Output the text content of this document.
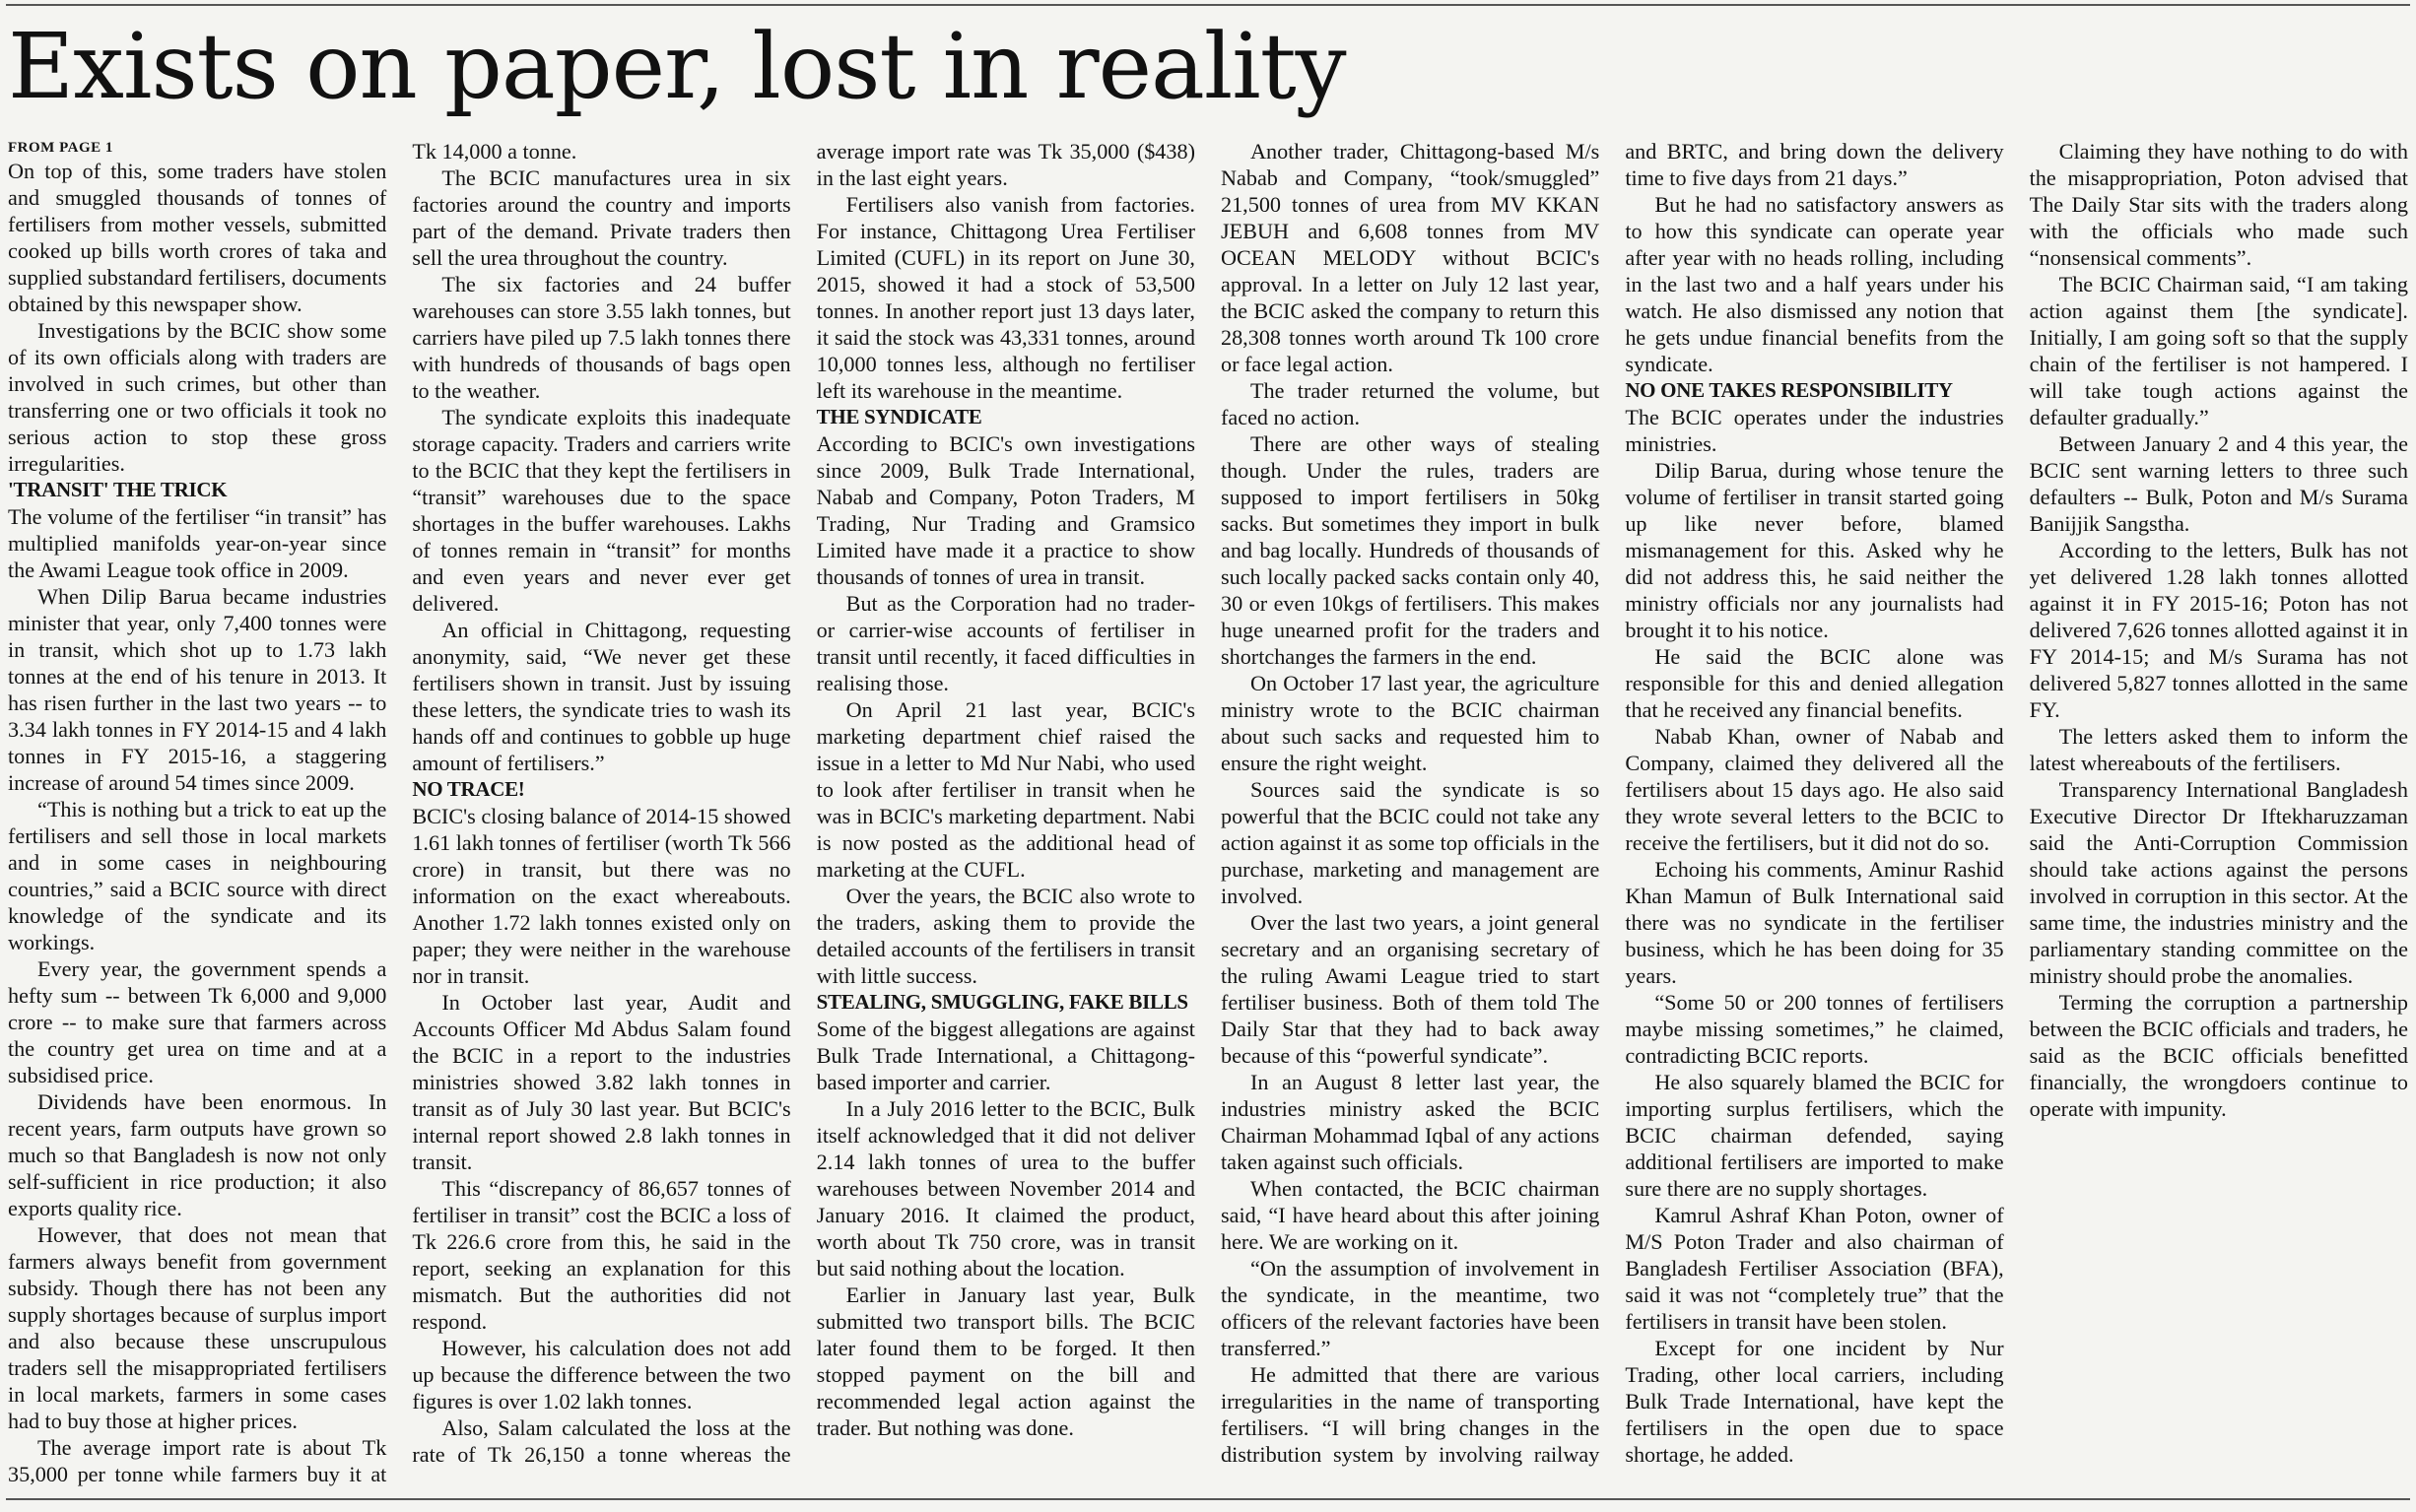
Exists on paper, lost in reality

FROM PAGE 1
On top of this, some traders have stolen and smuggled thousands of tonnes of fertilisers from mother vessels, submitted cooked up bills worth crores of taka and supplied substandard fertilisers, documents obtained by this newspaper show.

Investigations by the BCIC show some of its own officials along with traders are involved in such crimes, but other than transferring one or two officials it took no serious action to stop these gross irregularities.

'TRANSIT' THE TRICK

The volume of the fertiliser “in transit” has multiplied manifolds year-on-year since the Awami League took office in 2009.

When Dilip Barua became industries minister that year, only 7,400 tonnes were in transit, which shot up to 1.73 lakh tonnes at the end of his tenure in 2013. It has risen further in the last two years -- to 3.34 lakh tonnes in FY 2014-15 and 4 lakh tonnes in FY 2015-16, a staggering increase of around 54 times since 2009.

“This is nothing but a trick to eat up the fertilisers and sell those in local markets and in some cases in neighbouring countries,” said a BCIC source with direct knowledge of the syndicate and its workings.

Every year, the government spends a hefty sum -- between Tk 6,000 and 9,000 crore -- to make sure that farmers across the country get urea on time and at a subsidised price.

Dividends have been enormous. In recent years, farm outputs have grown so much so that Bangladesh is now not only self-sufficient in rice production; it also exports quality rice.

However, that does not mean that farmers always benefit from government subsidy. Though there has not been any supply shortages because of surplus import and also because these unscrupulous traders sell the misappropriated fertilisers in local markets, farmers in some cases had to buy those at higher prices.

The average import rate is about Tk 35,000 per tonne while farmers buy it at Tk 14,000 a tonne.

The BCIC manufactures urea in six factories around the country and imports part of the demand. Private traders then sell the urea throughout the country.

The six factories and 24 buffer warehouses can store 3.55 lakh tonnes, but carriers have piled up 7.5 lakh tonnes there with hundreds of thousands of bags open to the weather.

The syndicate exploits this inadequate storage capacity. Traders and carriers write to the BCIC that they kept the fertilisers in “transit” warehouses due to the space shortages in the buffer warehouses. Lakhs of tonnes remain in “transit” for months and even years and never ever get delivered.

An official in Chittagong, requesting anonymity, said, “We never get these fertilisers shown in transit. Just by issuing these letters, the syndicate tries to wash its hands off and continues to gobble up huge amount of fertilisers.”

NO TRACE!

BCIC's closing balance of 2014-15 showed 1.61 lakh tonnes of fertiliser (worth Tk 566 crore) in transit, but there was no information on the exact whereabouts. Another 1.72 lakh tonnes existed only on paper; they were neither in the warehouse nor in transit.

In October last year, Audit and Accounts Officer Md Abdus Salam found the BCIC in a report to the industries ministries showed 3.82 lakh tonnes in transit as of July 30 last year. But BCIC's internal report showed 2.8 lakh tonnes in transit.

This “discrepancy of 86,657 tonnes of fertiliser in transit” cost the BCIC a loss of Tk 226.6 crore from this, he said in the report, seeking an explanation for this mismatch. But the authorities did not respond.

However, his calculation does not add up because the difference between the two figures is over 1.02 lakh tonnes.

Also, Salam calculated the loss at the rate of Tk 26,150 a tonne whereas the average import rate was Tk 35,000 ($438) in the last eight years.

Fertilisers also vanish from factories. For instance, Chittagong Urea Fertiliser Limited (CUFL) in its report on June 30, 2015, showed it had a stock of 53,500 tonnes. In another report just 13 days later, it said the stock was 43,331 tonnes, around 10,000 tonnes less, although no fertiliser left its warehouse in the meantime.

THE SYNDICATE

According to BCIC's own investigations since 2009, Bulk Trade International, Nabab and Company, Poton Traders, M Trading, Nur Trading and Gramsico Limited have made it a practice to show thousands of tonnes of urea in transit.

But as the Corporation had no trader- or carrier-wise accounts of fertiliser in transit until recently, it faced difficulties in realising those.

On April 21 last year, BCIC's marketing department chief raised the issue in a letter to Md Nur Nabi, who used to look after fertiliser in transit when he was in BCIC's marketing department. Nabi is now posted as the additional head of marketing at the CUFL.

Over the years, the BCIC also wrote to the traders, asking them to provide the detailed accounts of the fertilisers in transit with little success.

STEALING, SMUGGLING, FAKE BILLS

Some of the biggest allegations are against Bulk Trade International, a Chittagong-based importer and carrier.

In a July 2016 letter to the BCIC, Bulk itself acknowledged that it did not deliver 2.14 lakh tonnes of urea to the buffer warehouses between November 2014 and January 2016. It claimed the product, worth about Tk 750 crore, was in transit but said nothing about the location.

Earlier in January last year, Bulk submitted two transport bills. The BCIC later found them to be forged. It then stopped payment on the bill and recommended legal action against the trader. But nothing was done.

Another trader, Chittagong-based M/s Nabab and Company, “took/smuggled” 21,500 tonnes of urea from MV KKAN JEBUH and 6,608 tonnes from MV OCEAN MELODY without BCIC's approval. In a letter on July 12 last year, the BCIC asked the company to return this 28,308 tonnes worth around Tk 100 crore or face legal action.

The trader returned the volume, but faced no action.

There are other ways of stealing though. Under the rules, traders are supposed to import fertilisers in 50kg sacks. But sometimes they import in bulk and bag locally. Hundreds of thousands of such locally packed sacks contain only 40, 30 or even 10kgs of fertilisers. This makes huge unearned profit for the traders and shortchanges the farmers in the end.

On October 17 last year, the agriculture ministry wrote to the BCIC chairman about such sacks and requested him to ensure the right weight.

Sources said the syndicate is so powerful that the BCIC could not take any action against it as some top officials in the purchase, marketing and management are involved.

Over the last two years, a joint general secretary and an organising secretary of the ruling Awami League tried to start fertiliser business. Both of them told The Daily Star that they had to back away because of this “powerful syndicate”.

In an August 8 letter last year, the industries ministry asked the BCIC Chairman Mohammad Iqbal of any actions taken against such officials.

When contacted, the BCIC chairman said, “I have heard about this after joining here. We are working on it.

“On the assumption of involvement in the syndicate, in the meantime, two officers of the relevant factories have been transferred.”

He admitted that there are various irregularities in the name of transporting fertilisers. “I will bring changes in the distribution system by involving railway and BRTC, and bring down the delivery time to five days from 21 days.”

But he had no satisfactory answers as to how this syndicate can operate year after year with no heads rolling, including in the last two and a half years under his watch. He also dismissed any notion that he gets undue financial benefits from the syndicate.

NO ONE TAKES RESPONSIBILITY

The BCIC operates under the industries ministries.

Dilip Barua, during whose tenure the volume of fertiliser in transit started going up like never before, blamed mismanagement for this. Asked why he did not address this, he said neither the ministry officials nor any journalists had brought it to his notice.

He said the BCIC alone was responsible for this and denied allegation that he received any financial benefits.

Nabab Khan, owner of Nabab and Company, claimed they delivered all the fertilisers about 15 days ago. He also said they wrote several letters to the BCIC to receive the fertilisers, but it did not do so.

Echoing his comments, Aminur Rashid Khan Mamun of Bulk International said there was no syndicate in the fertiliser business, which he has been doing for 35 years.

“Some 50 or 200 tonnes of fertilisers maybe missing sometimes,” he claimed, contradicting BCIC reports.

He also squarely blamed the BCIC for importing surplus fertilisers, which the BCIC chairman defended, saying additional fertilisers are imported to make sure there are no supply shortages.

Kamrul Ashraf Khan Poton, owner of M/S Poton Trader and also chairman of Bangladesh Fertiliser Association (BFA), said it was not “completely true” that the fertilisers in transit have been stolen.

Except for one incident by Nur Trading, other local carriers, including Bulk Trade International, have kept the fertilisers in the open due to space shortage, he added.

Claiming they have nothing to do with the misappropriation, Poton advised that The Daily Star sits with the traders along with the officials who made such “nonsensical comments”.

The BCIC Chairman said, “I am taking action against them [the syndicate]. Initially, I am going soft so that the supply chain of the fertiliser is not hampered. I will take tough actions against the defaulter gradually.”

Between January 2 and 4 this year, the BCIC sent warning letters to three such defaulters -- Bulk, Poton and M/s Surama Banijjik Sangstha.

According to the letters, Bulk has not yet delivered 1.28 lakh tonnes allotted against it in FY 2015-16; Poton has not delivered 7,626 tonnes allotted against it in FY 2014-15; and M/s Surama has not delivered 5,827 tonnes allotted in the same FY.

The letters asked them to inform the latest whereabouts of the fertilisers.

Transparency International Bangladesh Executive Director Dr Iftekharuzzaman said the Anti-Corruption Commission should take actions against the persons involved in corruption in this sector. At the same time, the industries ministry and the parliamentary standing committee on the ministry should probe the anomalies.

Terming the corruption a partnership between the BCIC officials and traders, he said as the BCIC officials benefitted financially, the wrongdoers continue to operate with impunity.
